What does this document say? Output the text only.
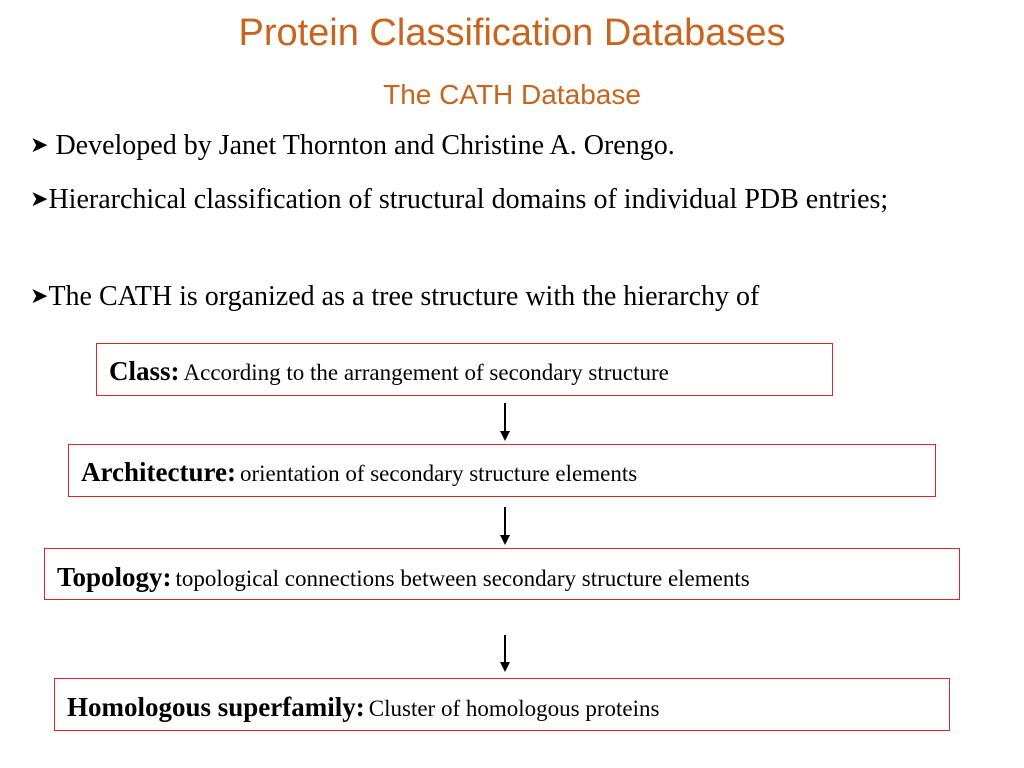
Protein Classification Databases
The CATH Database
➤ Developed by Janet Thornton and Christine A. Orengo.
➤Hierarchical classification of structural domains of individual PDB entries;
➤The CATH is organized as a tree structure with the hierarchy of
Class: According to the arrangement of secondary structure
Architecture: orientation of secondary structure elements
Topology: topological connections between secondary structure elements
Homologous superfamily: Cluster of homologous proteins
